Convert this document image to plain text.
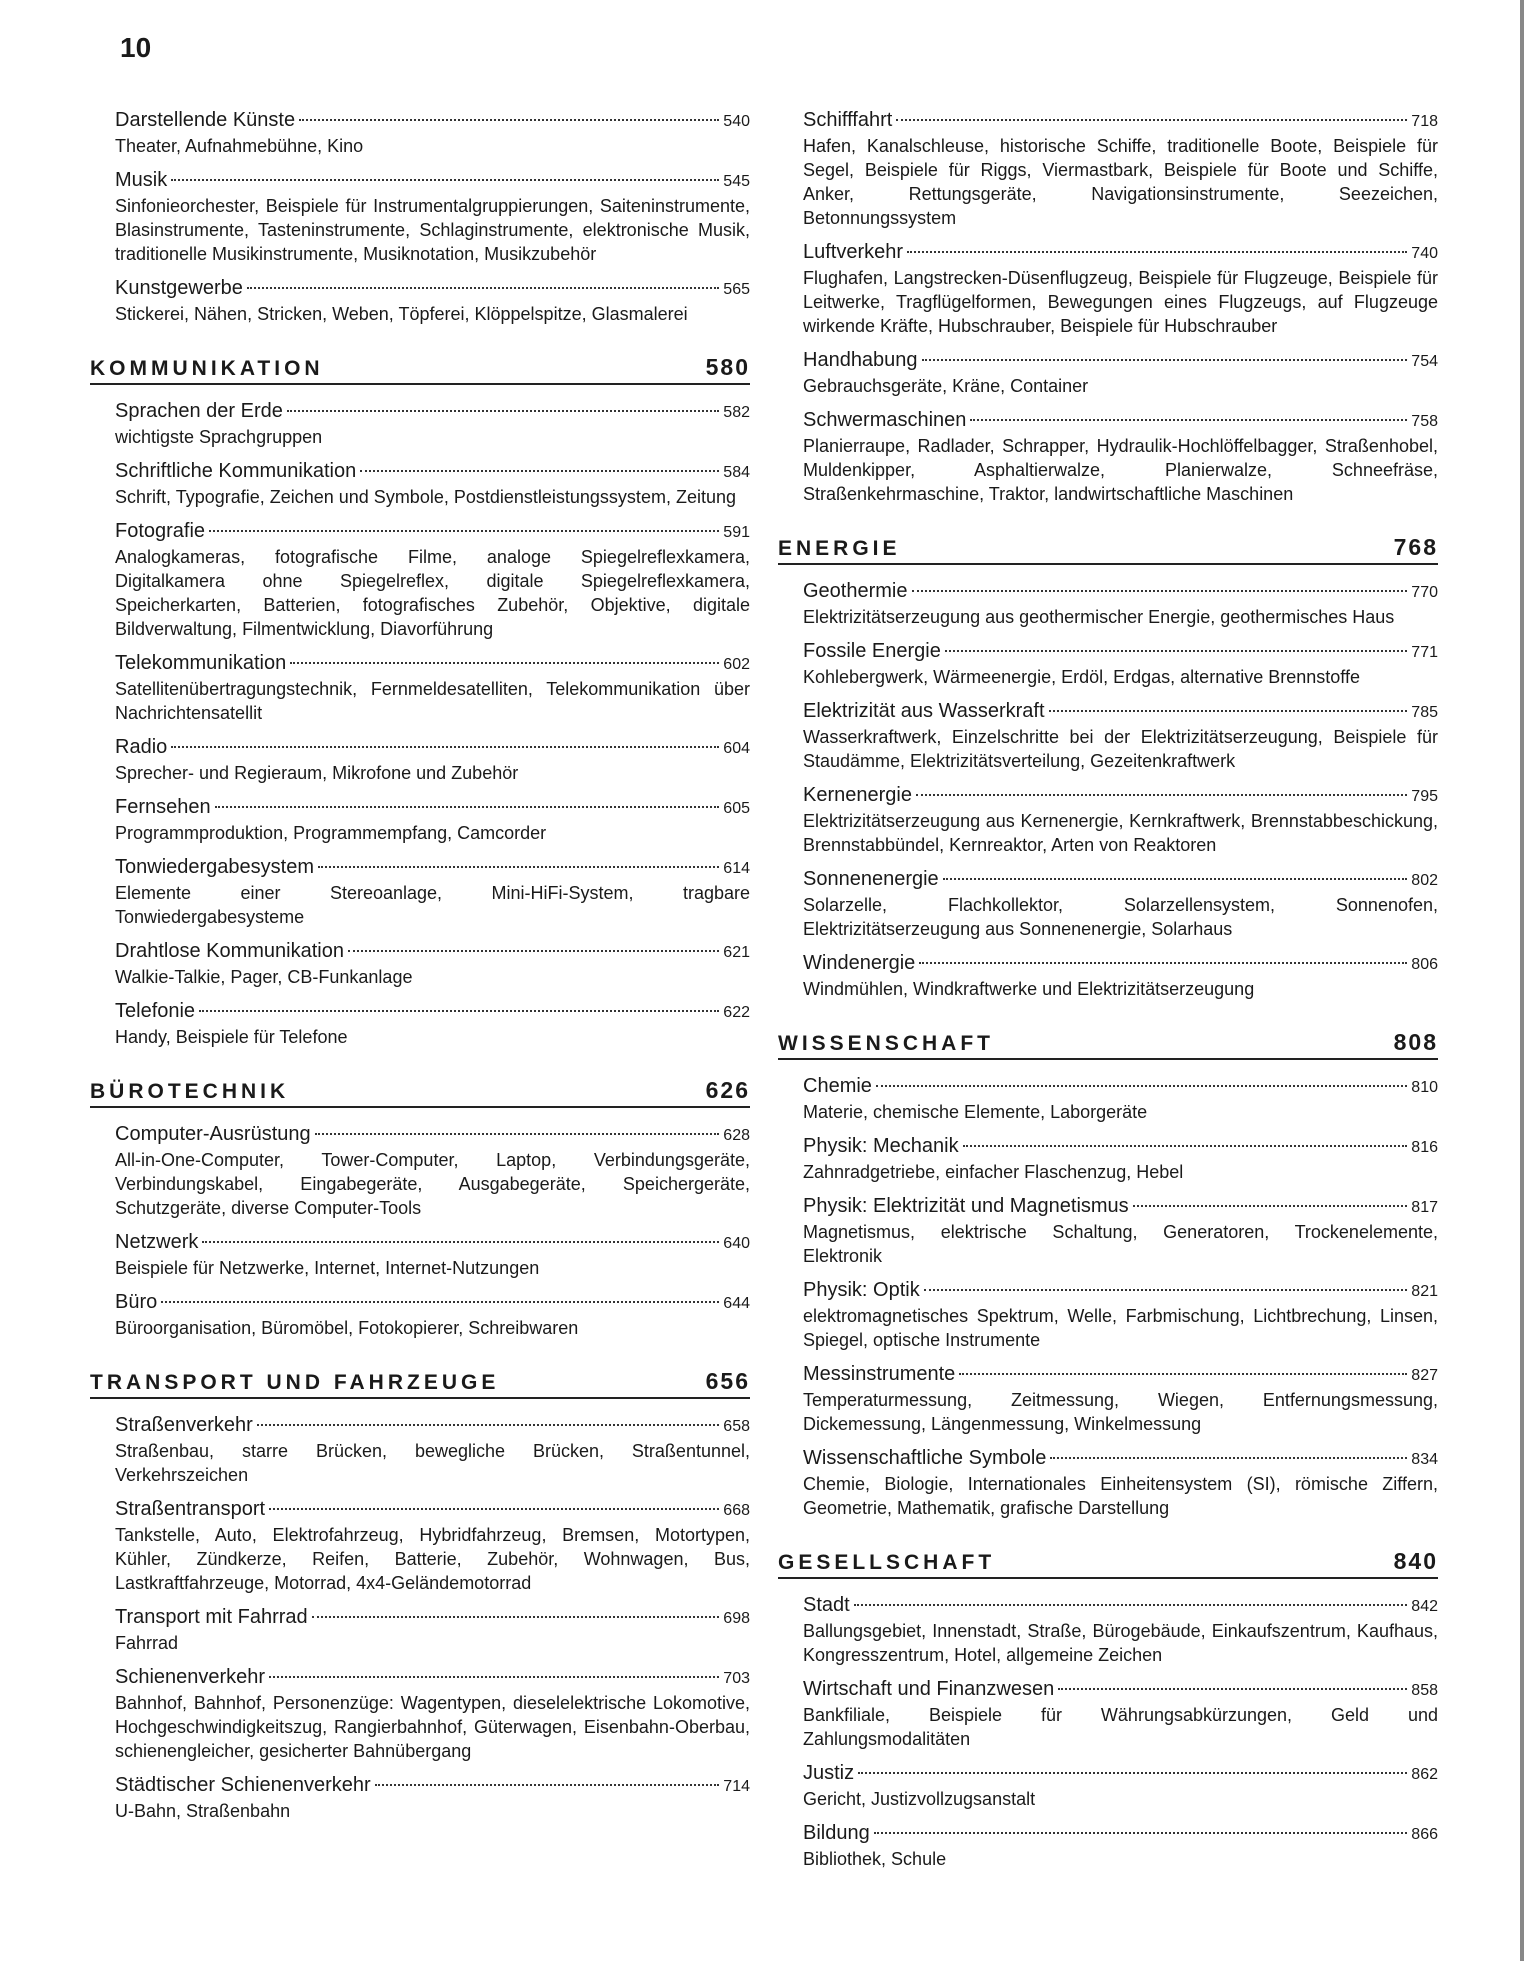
10
Darstellende Künste	540
Theater, Aufnahmebühne, Kino
Musik	545
Sinfonieorchester, Beispiele für Instrumentalgruppierungen, Saiteninstrumente, Blasinstrumente, Tasteninstrumente, Schlaginstrumente, elektronische Musik, traditionelle Musikinstrumente, Musiknotation, Musikzubehör
Kunstgewerbe	565
Stickerei, Nähen, Stricken, Weben, Töpferei, Klöppelspitze, Glasmalerei
KOMMUNIKATION	580
Sprachen der Erde	582
wichtigste Sprachgruppen
Schriftliche Kommunikation	584
Schrift, Typografie, Zeichen und Symbole, Postdienstleistungssystem, Zeitung
Fotografie	591
Analogkameras, fotografische Filme, analoge Spiegelreflexkamera, Digitalkamera ohne Spiegelreflex, digitale Spiegelreflexkamera, Speicherkarten, Batterien, fotografisches Zubehör, Objektive, digitale Bildverwaltung, Filmentwicklung, Diavorführung
Telekommunikation	602
Satellitenübertragungstechnik, Fernmeldesatelliten, Telekommunikation über Nachrichtensatellit
Radio	604
Sprecher- und Regieraum, Mikrofone und Zubehör
Fernsehen	605
Programmproduktion, Programmempfang, Camcorder
Tonwiedergabesystem	614
Elemente einer Stereoanlage, Mini-HiFi-System, tragbare Tonwiedergabesysteme
Drahtlose Kommunikation	621
Walkie-Talkie, Pager, CB-Funkanlage
Telefonie	622
Handy, Beispiele für Telefone
BÜROTECHNIK	626
Computer-Ausrüstung	628
All-in-One-Computer, Tower-Computer, Laptop, Verbindungsgeräte, Verbindungskabel, Eingabegeräte, Ausgabegeräte, Speichergeräte, Schutzgeräte, diverse Computer-Tools
Netzwerk	640
Beispiele für Netzwerke, Internet, Internet-Nutzungen
Büro	644
Büroorganisation, Büromöbel, Fotokopierer, Schreibwaren
TRANSPORT UND FAHRZEUGE	656
Straßenverkehr	658
Straßenbau, starre Brücken, bewegliche Brücken, Straßentunnel, Verkehrszeichen
Straßentransport	668
Tankstelle, Auto, Elektrofahrzeug, Hybridfahrzeug, Bremsen, Motortypen, Kühler, Zündkerze, Reifen, Batterie, Zubehör, Wohnwagen, Bus, Lastkraftfahrzeuge, Motorrad, 4x4-Geländemotorrad
Transport mit Fahrrad	698
Fahrrad
Schienenverkehr	703
Bahnhof, Bahnhof, Personenzüge: Wagentypen, dieselelektrische Lokomotive, Hochgeschwindigkeitszug, Rangierbahnhof, Güterwagen, Eisenbahn-Oberbau, schienengleicher, gesicherter Bahnübergang
Städtischer Schienenverkehr	714
U-Bahn, Straßenbahn
Schifffahrt	718
Hafen, Kanalschleuse, historische Schiffe, traditionelle Boote, Beispiele für Segel, Beispiele für Riggs, Viermastbark, Beispiele für Boote und Schiffe, Anker, Rettungsgeräte, Navigationsinstrumente, Seezeichen, Betonnungssystem
Luftverkehr	740
Flughafen, Langstrecken-Düsenflugzeug, Beispiele für Flugzeuge, Beispiele für Leitwerke, Tragflügelformen, Bewegungen eines Flugzeugs, auf Flugzeuge wirkende Kräfte, Hubschrauber, Beispiele für Hubschrauber
Handhabung	754
Gebrauchsgeräte, Kräne, Container
Schwermaschinen	758
Planierraupe, Radlader, Schrapper, Hydraulik-Hochlöffelbagger, Straßenhobel, Muldenkipper, Asphaltierwalze, Planierwalze, Schneefräse, Straßenkehrmaschine, Traktor, landwirtschaftliche Maschinen
ENERGIE	768
Geothermie	770
Elektrizitätserzeugung aus geothermischer Energie, geothermisches Haus
Fossile Energie	771
Kohlebergwerk, Wärmeenergie, Erdöl, Erdgas, alternative Brennstoffe
Elektrizität aus Wasserkraft	785
Wasserkraftwerk, Einzelschritte bei der Elektrizitätserzeugung, Beispiele für Staudämme, Elektrizitätsverteilung, Gezeitenkraftwerk
Kernenergie	795
Elektrizitätserzeugung aus Kernenergie, Kernkraftwerk, Brennstabbeschickung, Brennstabbündel, Kernreaktor, Arten von Reaktoren
Sonnenenergie	802
Solarzelle, Flachkollektor, Solarzellensystem, Sonnenofen, Elektrizitätserzeugung aus Sonnenenergie, Solarhaus
Windenergie	806
Windmühlen, Windkraftwerke und Elektrizitätserzeugung
WISSENSCHAFT	808
Chemie	810
Materie, chemische Elemente, Laborgeräte
Physik: Mechanik	816
Zahnradgetriebe, einfacher Flaschenzug, Hebel
Physik: Elektrizität und Magnetismus	817
Magnetismus, elektrische Schaltung, Generatoren, Trockenelemente, Elektronik
Physik: Optik	821
elektromagnetisches Spektrum, Welle, Farbmischung, Lichtbrechung, Linsen, Spiegel, optische Instrumente
Messinstrumente	827
Temperaturmessung, Zeitmessung, Wiegen, Entfernungsmessung, Dickemessung, Längenmessung, Winkelmessung
Wissenschaftliche Symbole	834
Chemie, Biologie, Internationales Einheitensystem (SI), römische Ziffern, Geometrie, Mathematik, grafische Darstellung
GESELLSCHAFT	840
Stadt	842
Ballungsgebiet, Innenstadt, Straße, Bürogebäude, Einkaufszentrum, Kaufhaus, Kongresszentrum, Hotel, allgemeine Zeichen
Wirtschaft und Finanzwesen	858
Bankfiliale, Beispiele für Währungsabkürzungen, Geld und Zahlungsmodalitäten
Justiz	862
Gericht, Justizvollzugsanstalt
Bildung	866
Bibliothek, Schule
